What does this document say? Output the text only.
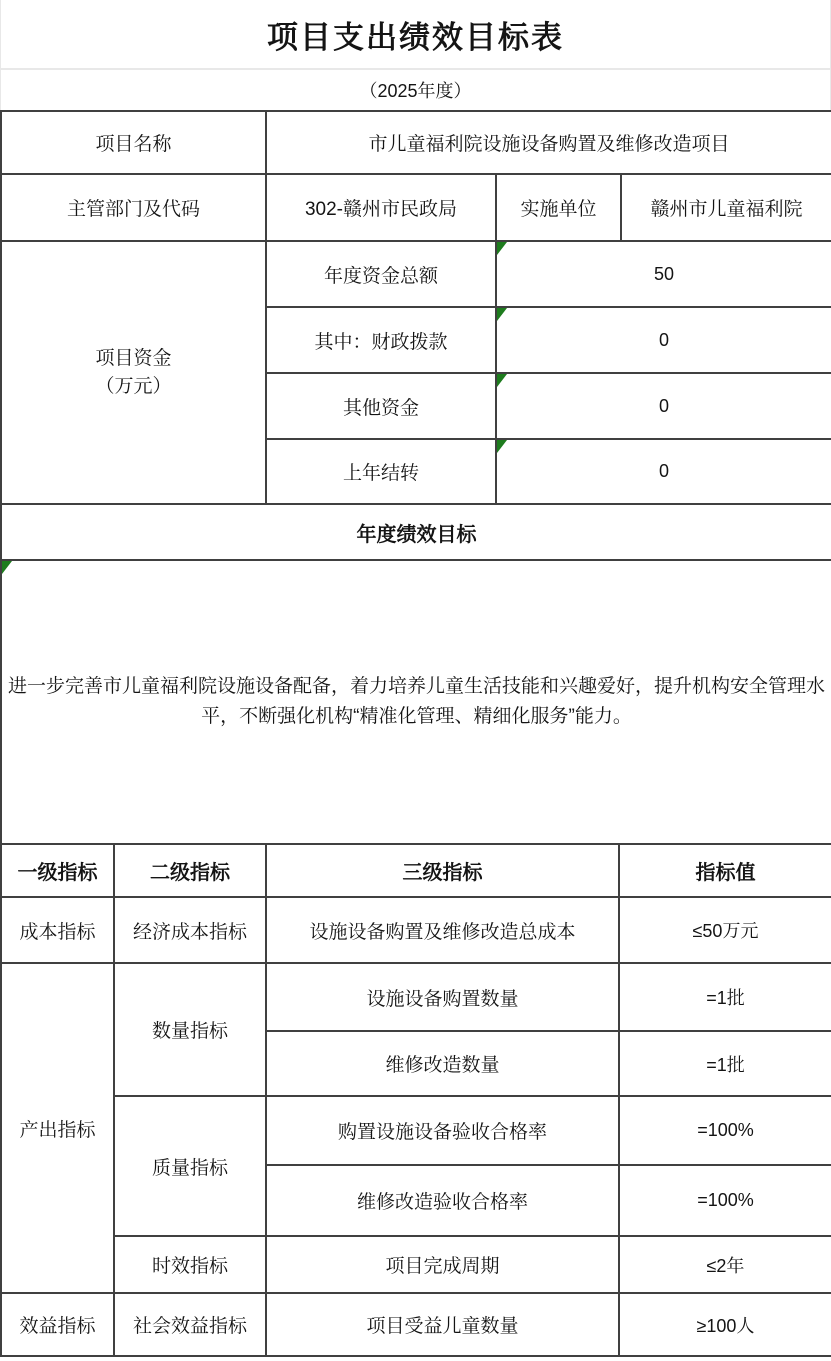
项目支出绩效目标表
（2025年度）
项目名称	市儿童福利院设施设备购置及维修改造项目		
主管部门及代码	302-赣州市民政局	实施单位	赣州市儿童福利院

项目资金
（万元）	年度资金总额	50	
	其中：财政拨款	0	
	其他资金	0	
	上年结转	0	
年度绩效目标			

进一步完善市儿童福利院设施设备配备，着力培养儿童生活技能和兴趣爱好，提升机构安全管理水平，不断强化机构“精准化管理、精细化服务”能力。			
一级指标	二级指标	三级指标	指标值
成本指标	经济成本指标	设施设备购置及维修改造总成本	≤50万元
产出指标	数量指标	设施设备购置数量	=1批
		维修改造数量	=1批
	质量指标	购置设施设备验收合格率	=100%
		维修改造验收合格率	=100%
	时效指标	项目完成周期	≤2年
效益指标	社会效益指标	项目受益儿童数量	≥100人
